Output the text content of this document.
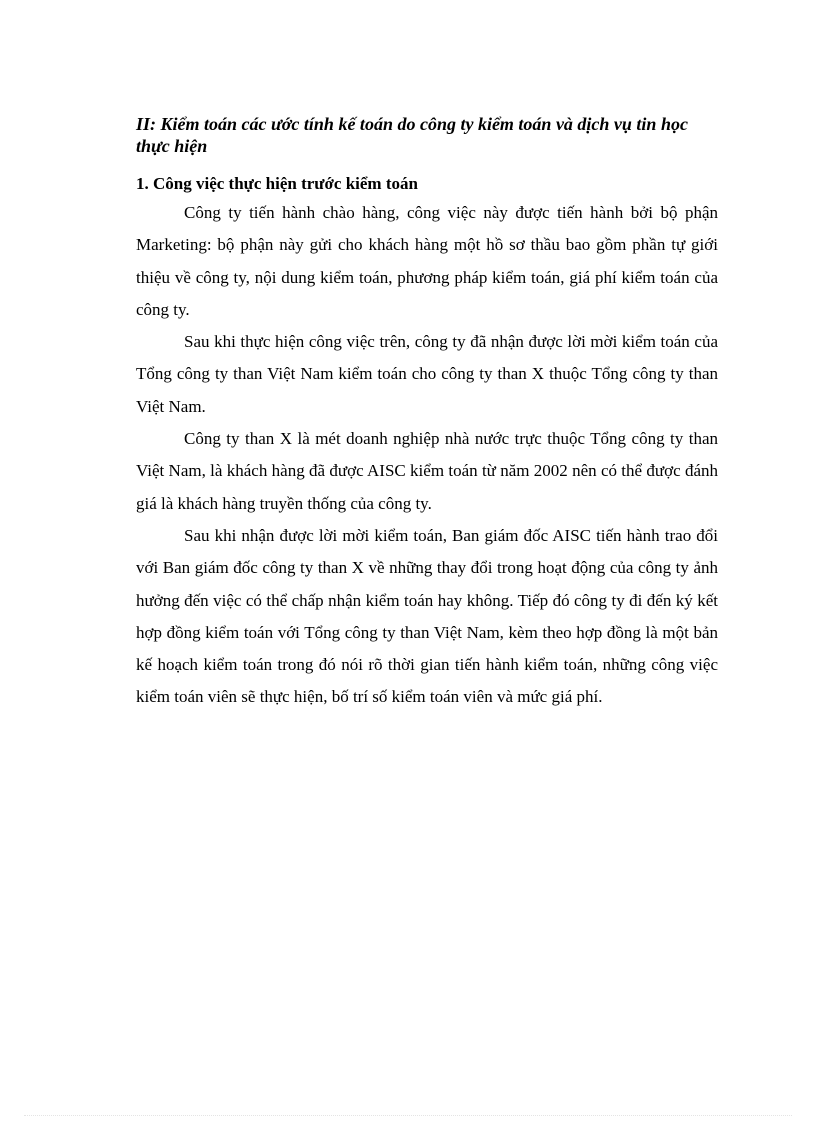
II: Kiểm toán các ước tính kế toán do công ty kiểm toán và dịch vụ tin học thực hiện
1. Công việc thực hiện trước kiểm toán

Công ty tiến hành chào hàng, công việc này được tiến hành bởi bộ phận Marketing: bộ phận này gửi cho khách hàng một hồ sơ thầu bao gồm phần tự giới thiệu về công ty, nội dung kiểm toán, phương pháp kiểm toán, giá phí kiểm toán của công ty.

Sau khi thực hiện công việc trên, công ty đã nhận được lời mời kiểm toán của Tổng công ty than Việt Nam kiểm toán cho công ty than X thuộc Tổng công ty than Việt Nam.

Công ty than X là mét doanh nghiệp nhà nước trực thuộc Tổng công ty than Việt Nam, là khách hàng đã được AISC kiểm toán từ năm 2002 nên có thể được đánh giá là khách hàng truyền thống của công ty.

Sau khi nhận được lời mời kiểm toán, Ban giám đốc AISC tiến hành trao đổi với Ban giám đốc công ty than X về những thay đổi trong hoạt động của công ty ảnh hưởng đến việc có thể chấp nhận kiểm toán hay không. Tiếp đó công ty đi đến ký kết hợp đồng kiểm toán với Tổng công ty than Việt Nam, kèm theo hợp đồng là một bản kế hoạch kiểm toán trong đó nói rõ thời gian tiến hành kiểm toán, những công việc kiểm toán viên sẽ thực hiện, bố trí số kiểm toán viên và mức giá phí.
